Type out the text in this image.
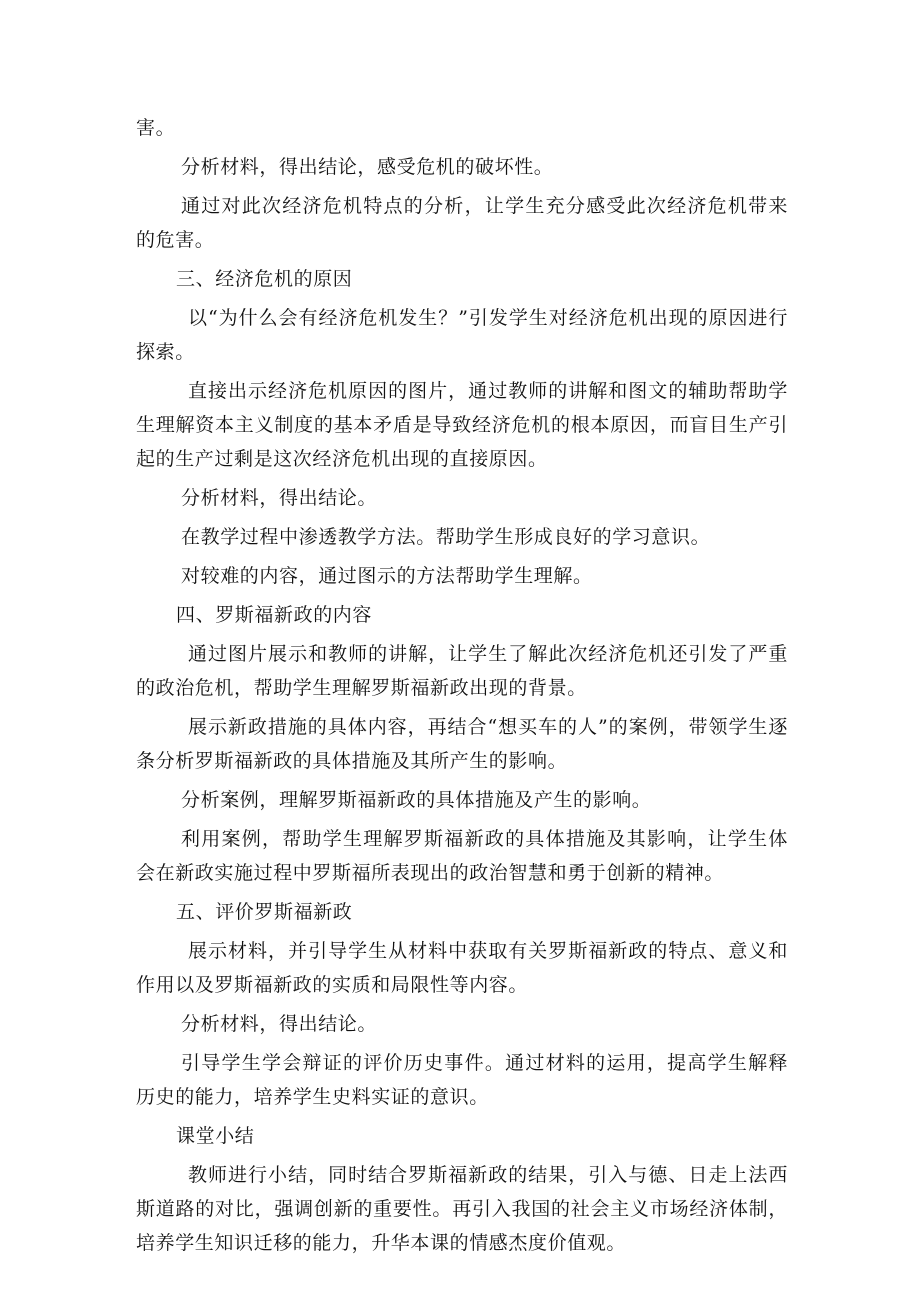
害。

分析材料，得出结论，感受危机的破坏性。

通过对此次经济危机特点的分析，让学生充分感受此次经济危机带来的危害。

三、经济危机的原因

以“为什么会有经济危机发生？”引发学生对经济危机出现的原因进行探索。

直接出示经济危机原因的图片，通过教师的讲解和图文的辅助帮助学生理解资本主义制度的基本矛盾是导致经济危机的根本原因，而盲目生产引起的生产过剩是这次经济危机出现的直接原因。

分析材料，得出结论。

在教学过程中渗透教学方法。帮助学生形成良好的学习意识。

对较难的内容，通过图示的方法帮助学生理解。

四、罗斯福新政的内容

通过图片展示和教师的讲解，让学生了解此次经济危机还引发了严重的政治危机，帮助学生理解罗斯福新政出现的背景。

展示新政措施的具体内容，再结合“想买车的人”的案例，带领学生逐条分析罗斯福新政的具体措施及其所产生的影响。

分析案例，理解罗斯福新政的具体措施及产生的影响。

利用案例，帮助学生理解罗斯福新政的具体措施及其影响，让学生体会在新政实施过程中罗斯福所表现出的政治智慧和勇于创新的精神。

五、评价罗斯福新政

展示材料，并引导学生从材料中获取有关罗斯福新政的特点、意义和作用以及罗斯福新政的实质和局限性等内容。

分析材料，得出结论。

引导学生学会辩证的评价历史事件。通过材料的运用，提高学生解释历史的能力，培养学生史料实证的意识。

课堂小结

教师进行小结，同时结合罗斯福新政的结果，引入与德、日走上法西斯道路的对比，强调创新的重要性。再引入我国的社会主义市场经济体制，培养学生知识迁移的能力，升华本课的情感杰度价值观。
